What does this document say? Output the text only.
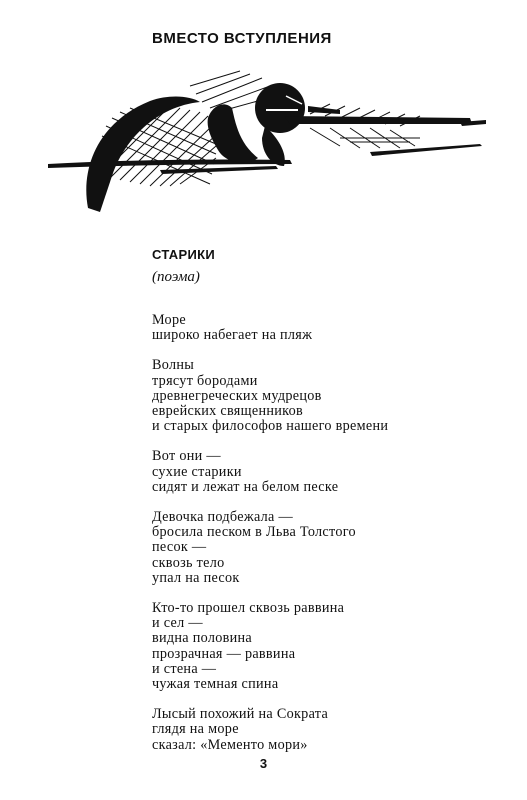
ВМЕСТО ВСТУПЛЕНИЯ
СТАРИКИ

(поэма)

Море
широко набегает на пляж
Волны
трясут бородами
древнегреческих мудрецов
еврейских священников
и старых философов нашего времени
Вот они —
сухие старики
сидят и лежат на белом песке
Девочка подбежала —
бросила песком в Льва Толстого
песок —
сквозь тело
упал на песок
Кто-то прошел сквозь раввина
и сел —
видна половина
прозрачная — раввина
и стена —
чужая темная спина
Лысый похожий на Сократа
глядя на море
сказал: «Мементо мори»

3
